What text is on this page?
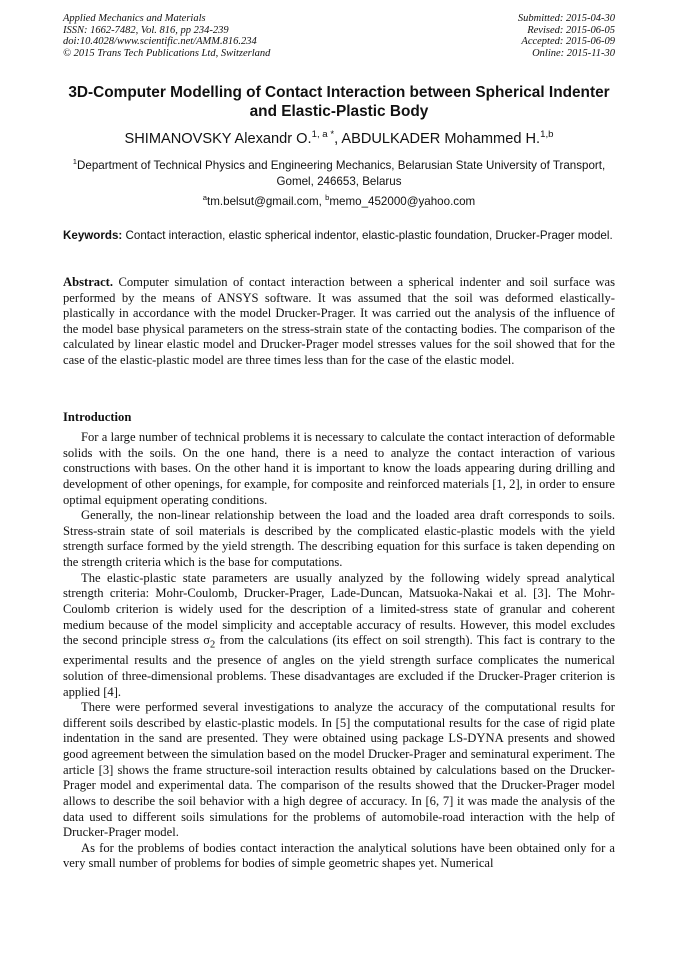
Applied Mechanics and Materials
ISSN: 1662-7482, Vol. 816, pp 234-239
doi:10.4028/www.scientific.net/AMM.816.234
© 2015 Trans Tech Publications Ltd, Switzerland
Submitted: 2015-04-30
Revised: 2015-06-05
Accepted: 2015-06-09
Online: 2015-11-30
3D-Computer Modelling of Contact Interaction between Spherical Indenter and Elastic-Plastic Body
SHIMANOVSKY Alexandr O.$^{1, a *}$, ABDULKADER Mohammed H.$^{1,b}$
$^1$Department of Technical Physics and Engineering Mechanics, Belarusian State University of Transport, Gomel, 246653, Belarus
$^a$tm.belsut@gmail.com, $^b$memo_452000@yahoo.com
Keywords: Contact interaction, elastic spherical indentor, elastic-plastic foundation, Drucker-Prager model.
Abstract. Computer simulation of contact interaction between a spherical indenter and soil surface was performed by the means of ANSYS software. It was assumed that the soil was deformed elastically-plastically in accordance with the model Drucker-Prager. It was carried out the analysis of the influence of the model base physical parameters on the stress-strain state of the contacting bodies. The comparison of the calculated by linear elastic model and Drucker-Prager model stresses values for the soil showed that for the case of the elastic-plastic model are three times less than for the case of the elastic model.
Introduction

For a large number of technical problems it is necessary to calculate the contact interaction of deformable solids with the soils. On the one hand, there is a need to analyze the contact interaction of various constructions with bases. On the other hand it is important to know the loads appearing during drilling and development of other openings, for example, for composite and reinforced materials [1, 2], in order to ensure optimal equipment operating conditions.

Generally, the non-linear relationship between the load and the loaded area draft corresponds to soils. Stress-strain state of soil materials is described by the complicated elastic-plastic models with the yield strength surface formed by the yield strength. The describing equation for this surface is taken depending on the strength criteria which is the base for computations.

The elastic-plastic state parameters are usually analyzed by the following widely spread analytical strength criteria: Mohr-Coulomb, Drucker-Prager, Lade-Duncan, Matsuoka-Nakai et al. [3]. The Mohr-Coulomb criterion is widely used for the description of a limited-stress state of granular and coherent medium because of the model simplicity and acceptable accuracy of results. However, this model excludes the second principle stress $\sigma_2$ from the calculations (its effect on soil strength). This fact is contrary to the experimental results and the presence of angles on the yield strength surface complicates the numerical solution of three-dimensional problems. These disadvantages are excluded if the Drucker-Prager criterion is applied [4].

There were performed several investigations to analyze the accuracy of the computational results for different soils described by elastic-plastic models. In [5] the computational results for the case of rigid plate indentation in the sand are presented. They were obtained using package LS-DYNA presents and showed good agreement between the simulation based on the model Drucker-Prager and seminatural experiment. The article [3] shows the frame structure-soil interaction results obtained by calculations based on the Drucker-Prager model and experimental data. The comparison of the results showed that the Drucker-Prager model allows to describe the soil behavior with a high degree of accuracy. In [6, 7] it was made the analysis of the data used to different soils simulations for the problems of automobile-road interaction with the help of Drucker-Prager model.

As for the problems of bodies contact interaction the analytical solutions have been obtained only for a very small number of problems for bodies of simple geometric shapes yet. Numerical
